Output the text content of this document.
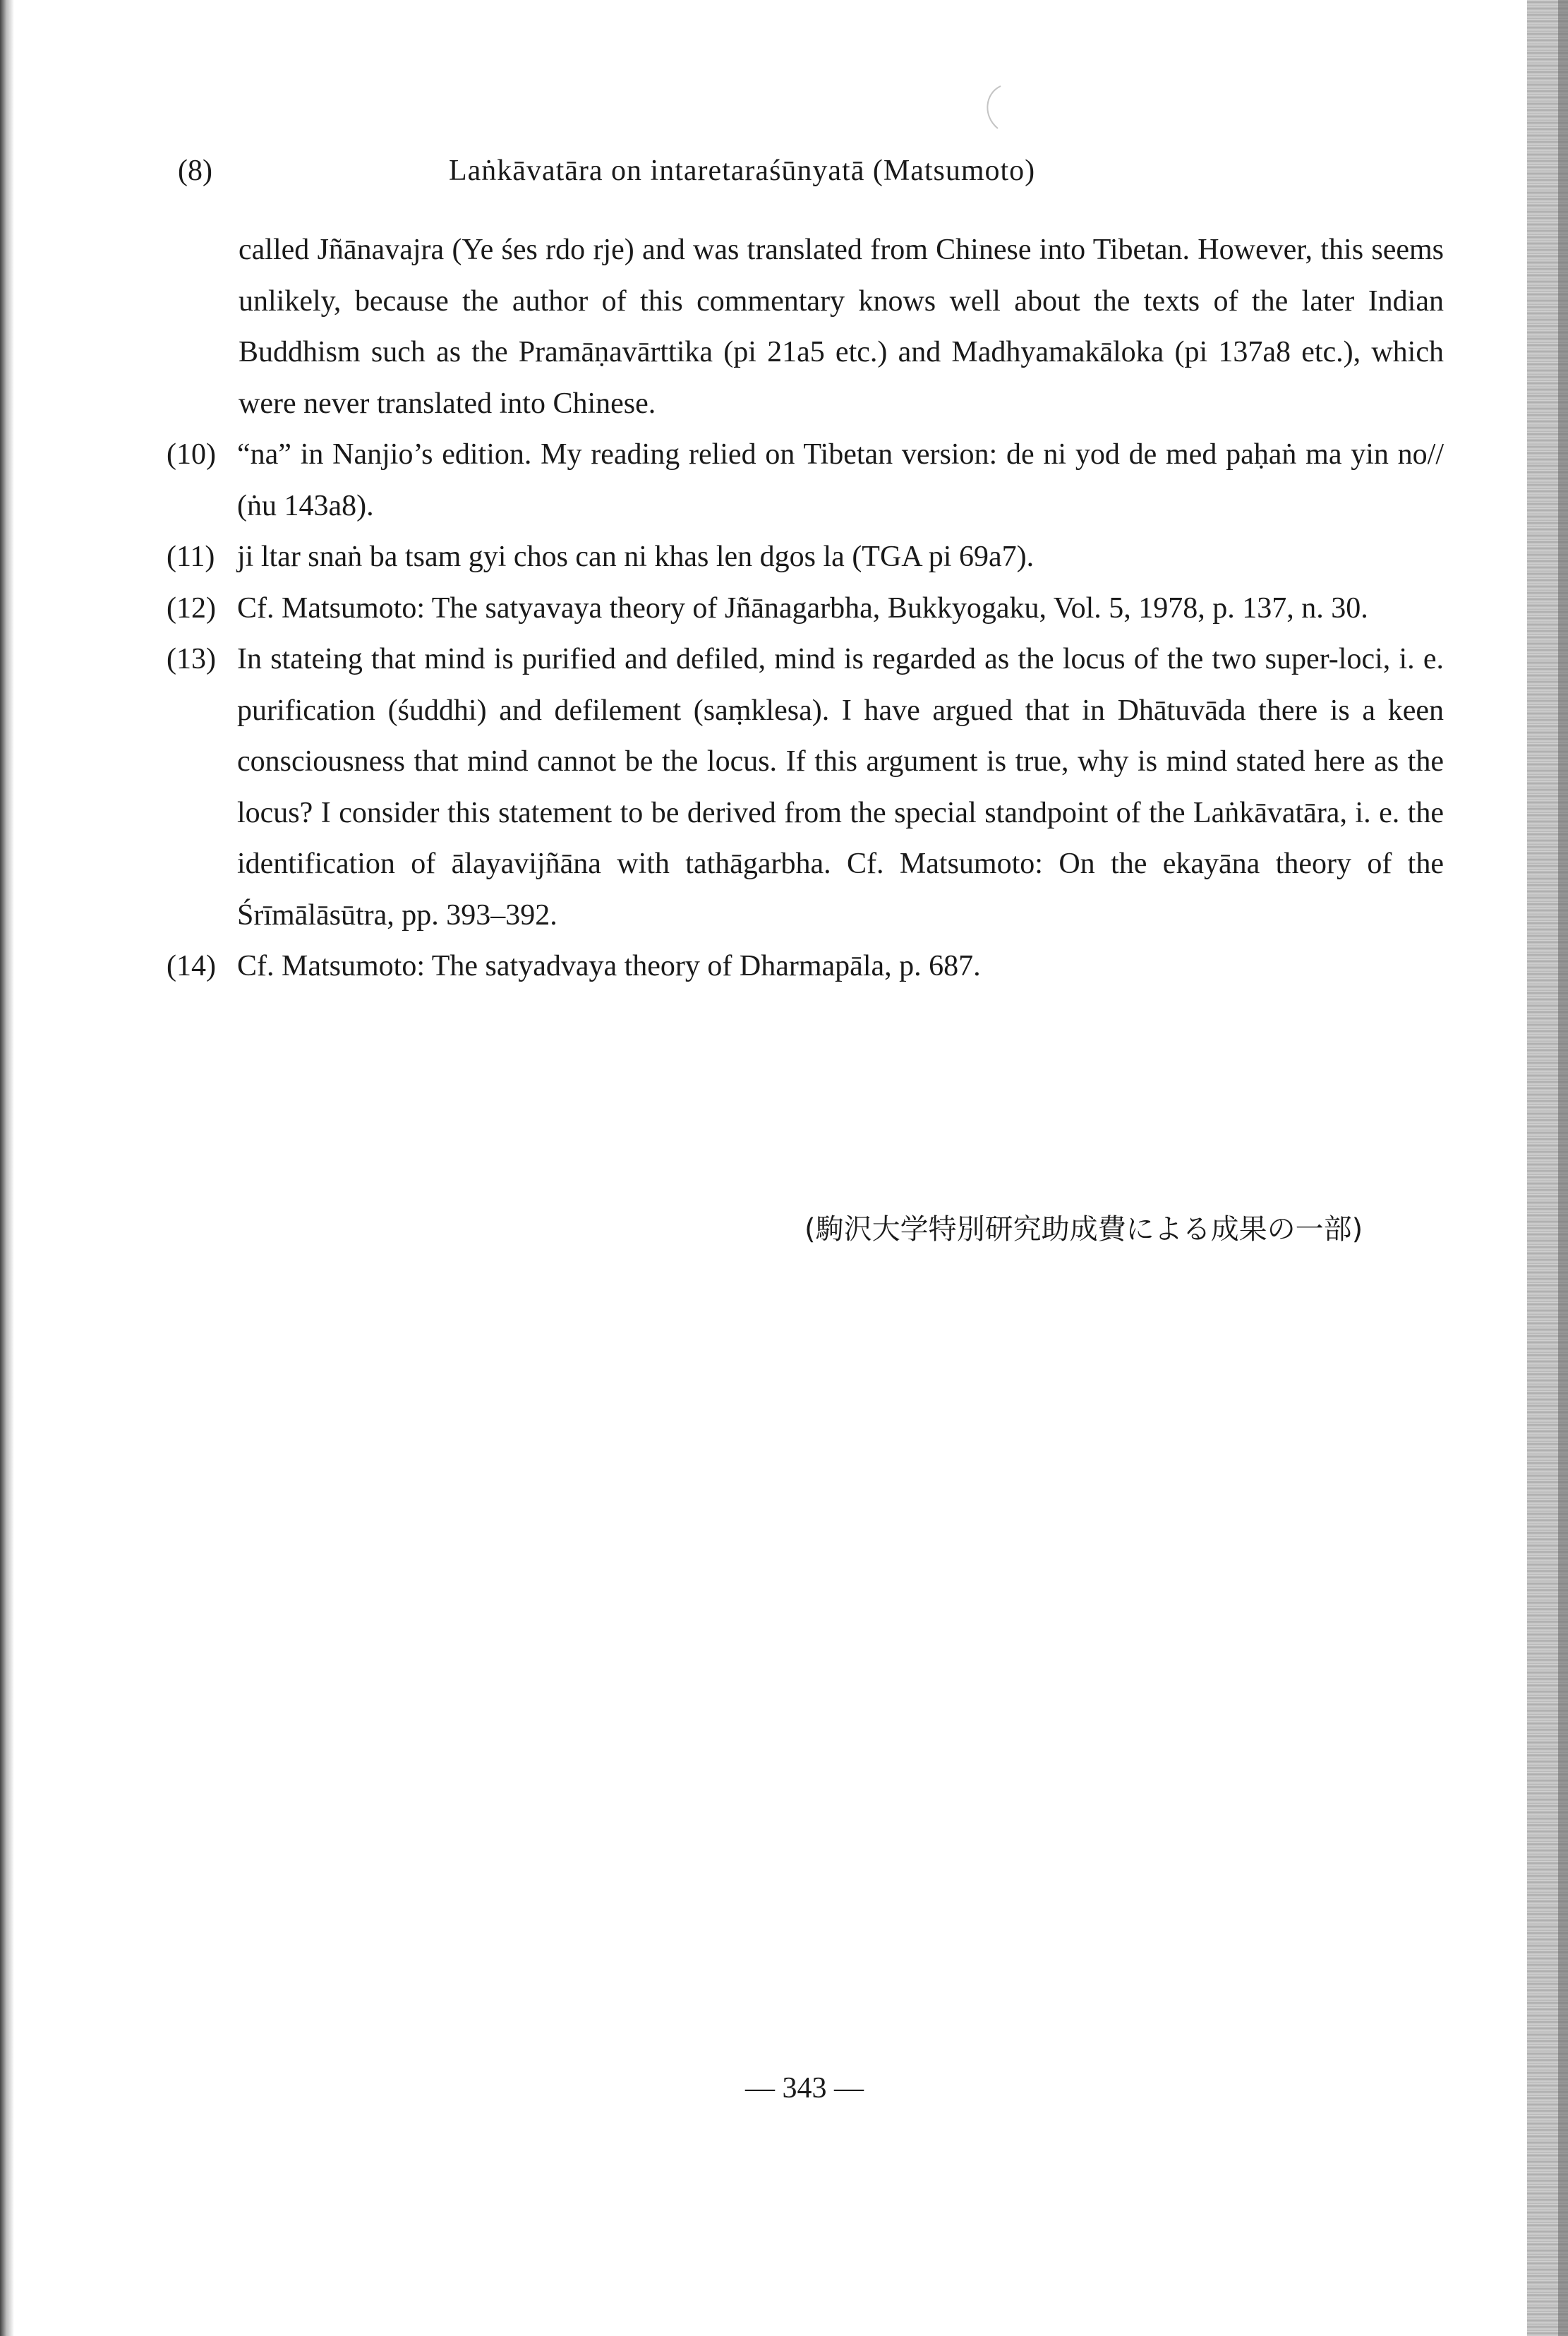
(8)	Laṅkāvatāra on intaretaraśūnyatā (Matsumoto)
called Jñānavajra (Ye śes rdo rje) and was translated from Chinese into Tibetan. However, this seems unlikely, because the author of this commentary knows well about the texts of the later Indian Buddhism such as the Pramāṇavārttika (pi 21a5 etc.) and Madhyamakāloka (pi 137a8 etc.), which were never translated into Chinese.
(10) “na” in Nanjio’s edition. My reading relied on Tibetan version: de ni yod de med paḥaṅ ma yin no// (ṅu 143a8).
(11) ji ltar snaṅ ba tsam gyi chos can ni khas len dgos la (TGA pi 69a7).
(12) Cf. Matsumoto: The satyavaya theory of Jñānagarbha, Bukkyogaku, Vol. 5, 1978, p. 137, n. 30.
(13) In stateing that mind is purified and defiled, mind is regarded as the locus of the two super-loci, i. e. purification (śuddhi) and defilement (saṃklesa). I have argued that in Dhātuvāda there is a keen consciousness that mind cannot be the locus. If this argument is true, why is mind stated here as the locus? I consider this statement to be derived from the special standpoint of the Laṅkāvatāra, i. e. the identification of ālayavijñāna with tathāgarbha. Cf. Matsumoto: On the ekayāna theory of the Śrīmālāsūtra, pp. 393–392.
(14) Cf. Matsumoto: The satyadvaya theory of Dharmapāla, p. 687.
(駒沢大学特別研究助成費による成果の一部)
— 343 —
